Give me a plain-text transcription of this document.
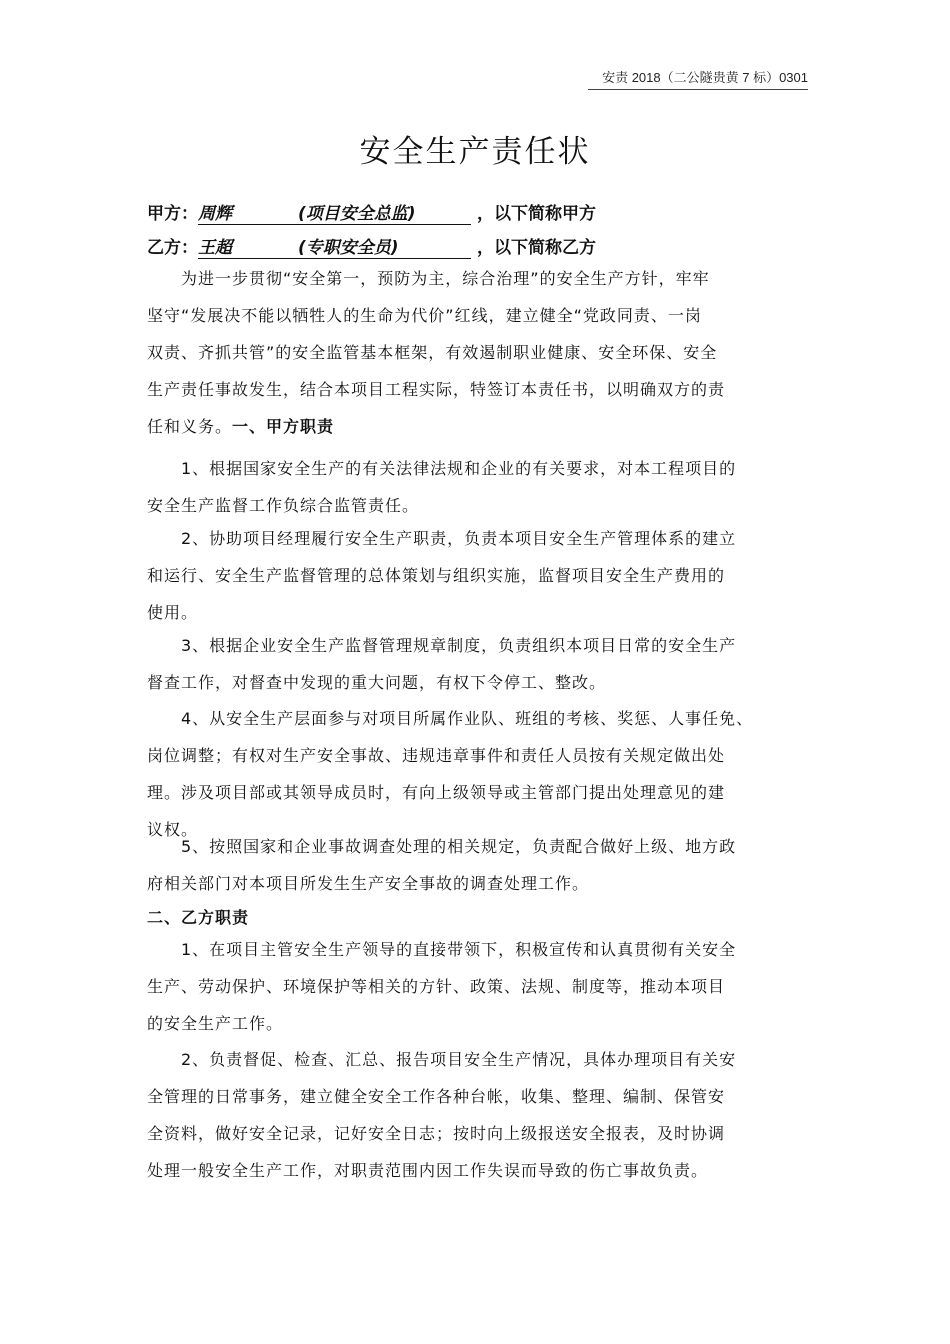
安责 2018（二公隧贵黄 7 标）0301
安全生产责任状
甲方：周辉	(项目安全总监)	，以下简称甲方
乙方：王超	(专职安全员)	，以下简称乙方
　　为进一步贯彻“安全第一，预防为主，综合治理”的安全生产方针，牢牢
坚守“发展决不能以牺牲人的生命为代价”红线，建立健全“党政同责、一岗
双责、齐抓共管”的安全监管基本框架，有效遏制职业健康、安全环保、安全
生产责任事故发生，结合本项目工程实际，特签订本责任书，以明确双方的责
任和义务。一、甲方职责
　　1、根据国家安全生产的有关法律法规和企业的有关要求，对本工程项目的
安全生产监督工作负综合监管责任。
　　2、协助项目经理履行安全生产职责，负责本项目安全生产管理体系的建立
和运行、安全生产监督管理的总体策划与组织实施，监督项目安全生产费用的
使用。
　　3、根据企业安全生产监督管理规章制度，负责组织本项目日常的安全生产
督查工作，对督查中发现的重大问题，有权下令停工、整改。
　　4、从安全生产层面参与对项目所属作业队、班组的考核、奖惩、人事任免、
岗位调整；有权对生产安全事故、违规违章事件和责任人员按有关规定做出处
理。涉及项目部或其领导成员时，有向上级领导或主管部门提出处理意见的建
议权。
　　5、按照国家和企业事故调查处理的相关规定，负责配合做好上级、地方政
府相关部门对本项目所发生生产安全事故的调查处理工作。
二、乙方职责
　　1、在项目主管安全生产领导的直接带领下，积极宣传和认真贯彻有关安全
生产、劳动保护、环境保护等相关的方针、政策、法规、制度等，推动本项目
的安全生产工作。
　　2、负责督促、检查、汇总、报告项目安全生产情况，具体办理项目有关安
全管理的日常事务，建立健全安全工作各种台帐，收集、整理、编制、保管安
全资料，做好安全记录，记好安全日志；按时向上级报送安全报表，及时协调
处理一般安全生产工作，对职责范围内因工作失误而导致的伤亡事故负责。
